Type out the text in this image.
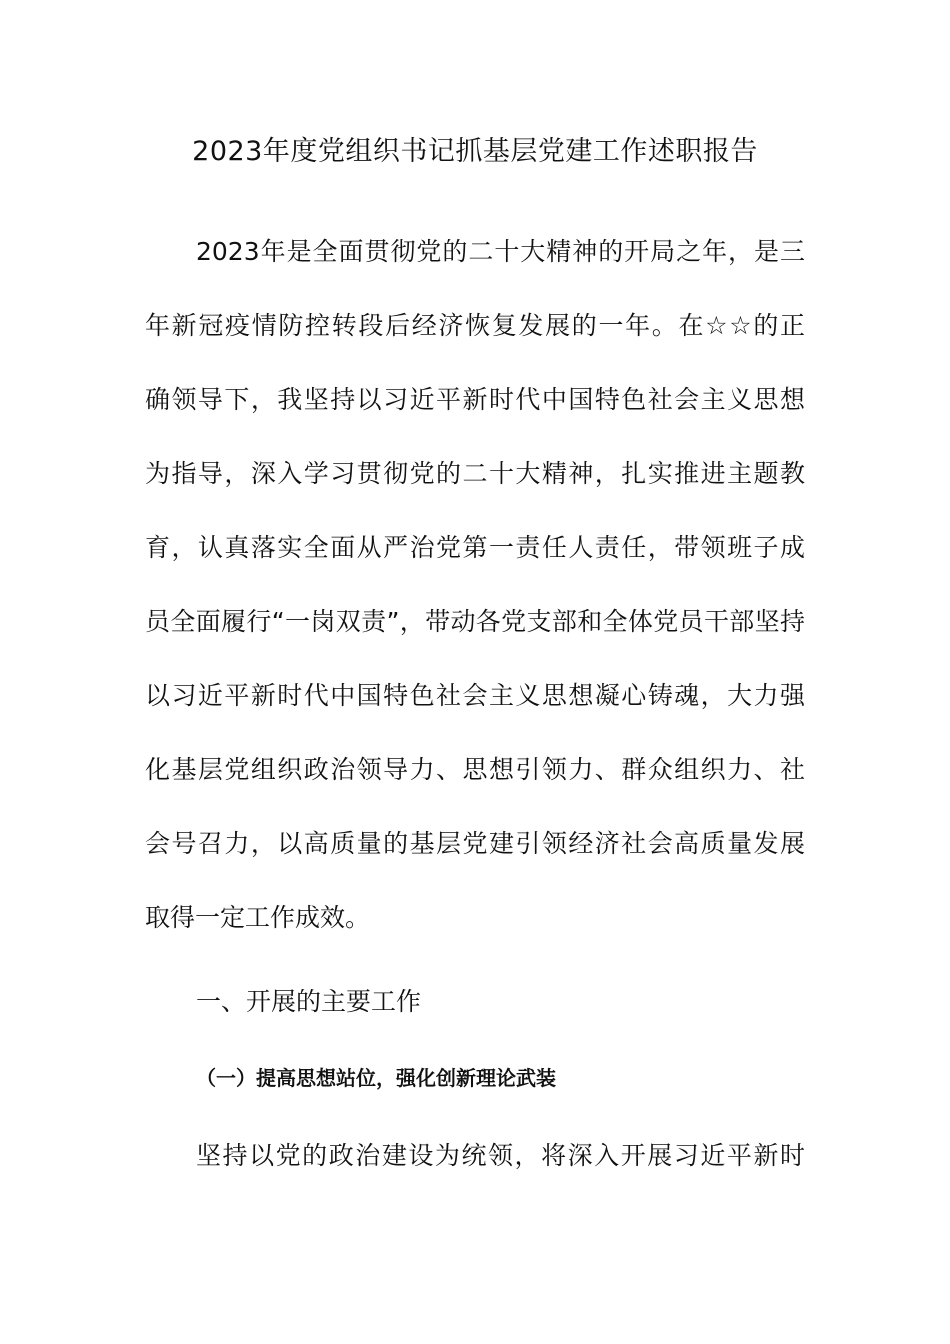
2023年度党组织书记抓基层党建工作述职报告
2023年是全面贯彻党的二十大精神的开局之年，是三
年新冠疫情防控转段后经济恢复发展的一年。在☆☆的正
确领导下，我坚持以习近平新时代中国特色社会主义思想
为指导，深入学习贯彻党的二十大精神，扎实推进主题教
育，认真落实全面从严治党第一责任人责任，带领班子成
员全面履行“一岗双责”，带动各党支部和全体党员干部坚持
以习近平新时代中国特色社会主义思想凝心铸魂，大力强
化基层党组织政治领导力、思想引领力、群众组织力、社
会号召力，以高质量的基层党建引领经济社会高质量发展
取得一定工作成效。
一、开展的主要工作
（一）提高思想站位，强化创新理论武装
坚持以党的政治建设为统领，将深入开展习近平新时
